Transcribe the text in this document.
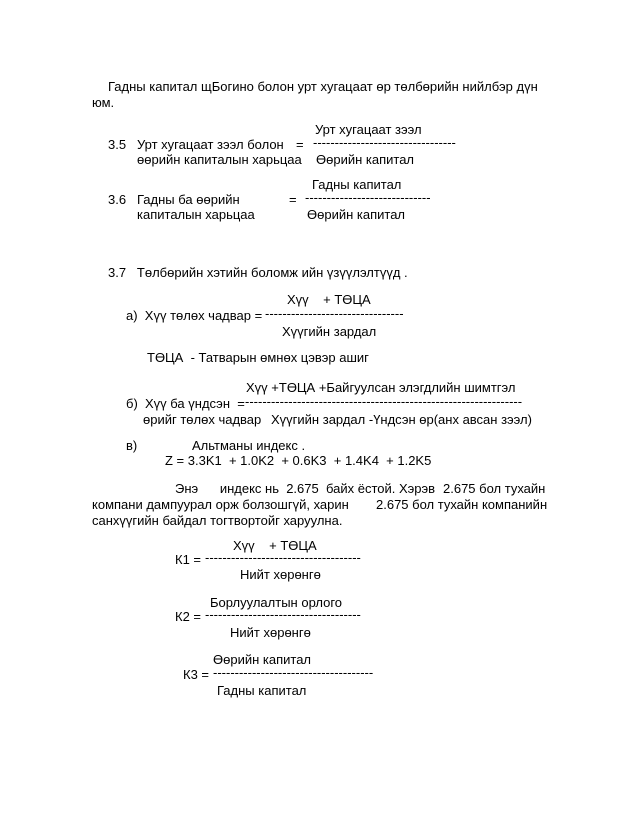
Гадны капитал щБогино болон урт хугацаат өр төлбөрийн нийлбэр дүн
юм.
Урт хугацаат зээл
3.5 Урт хугацаат зээл болон = ---------------------------------
өөрийн капиталын харьцаа Өөрийн капитал
Гадны капитал
3.6 Гадны ба өөрийн	= -----------------------------
капиталын харьцаа	Өөрийн капитал
3.7   Төлбөрийн хэтийн боломж ийн үзүүлэлтүүд .
Хүү    + ТӨЦА
а)  Хүү төлөх чадвар = --------------------------------
Хүүгийн зардал
ТӨЦА  - Татварын өмнөх цэвэр ашиг
Хүү +ТӨЦА +Байгуулсан элэгдлийн шимтгэл
б)  Хүү ба үндсэн  =
----------------------------------------------------------------
өрийг төлөх чадвар Хүүгийн зардал -Үндсэн өр(анх авсан зээл)
в)	Альтманы индекс .
Z = 3.3K1  + 1.0K2  + 0.6K3  + 1.4K4  + 1.2K5
Энэ      индекс нь  2.675  байх ёстой. Хэрэв 2.675 бол тухайн
компани дампуурал орж болзошгүй, харин 2.675 бол тухайн компанийн
санхүүгийн байдал тогтвортойг харуулна.
Хүү    + ТӨЦА
К1 = ------------------------------------
Нийт хөрөнгө
Борлуулалтын орлого
К2 = ------------------------------------
Нийт хөрөнгө
Өөрийн капитал
К3 = -------------------------------------
Гадны капитал
